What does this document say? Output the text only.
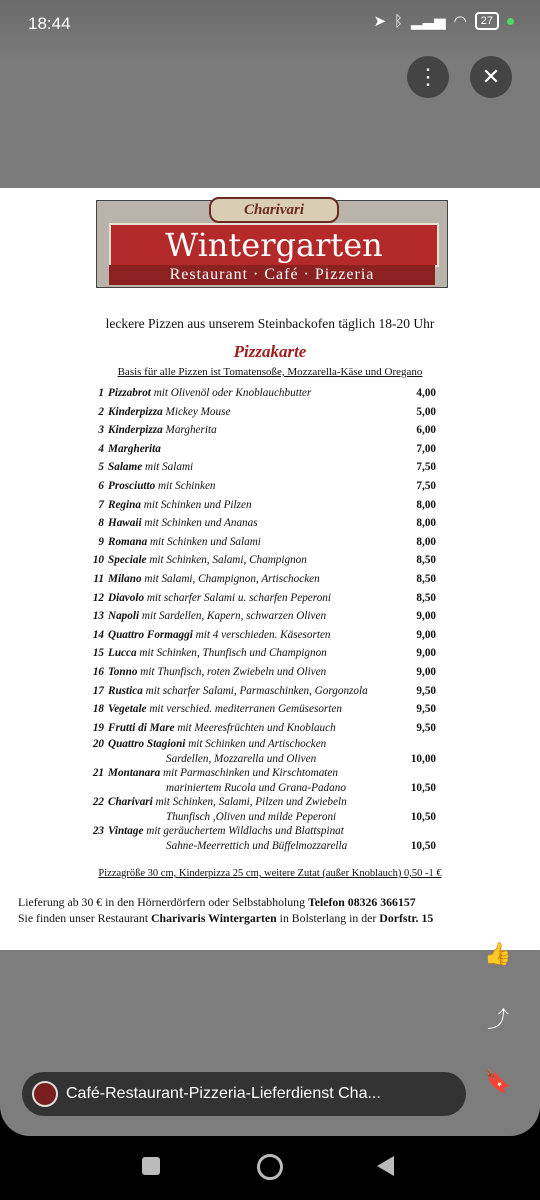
18:44	➤ ᛒ ▂▃▅ ◠	27
⋮ ✕
Charivari
Wintergarten
Restaurant · Café · Pizzeria
leckere Pizzen aus unserem Steinbackofen täglich 18-20 Uhr
Pizzakarte
Basis für alle Pizzen ist Tomatensoße, Mozzarella-Käse und Oregano
1 Pizzabrot mit Olivenöl oder Knoblauchbutter	4,00
2 Kinderpizza Mickey Mouse	5,00
3 Kinderpizza Margherita	6,00
4 Margherita	7,00
5 Salame mit Salami	7,50
6 Prosciutto mit Schinken	7,50
7 Regina mit Schinken und Pilzen	8,00
8 Hawaii mit Schinken und Ananas	8,00
9 Romana mit Schinken und Salami	8,00
10 Speciale mit Schinken, Salami, Champignon	8,50
11 Milano mit Salami, Champignon, Artischocken	8,50
12 Diavolo mit scharfer Salami u. scharfen Peperoni	8,50
13 Napoli mit Sardellen, Kapern, schwarzen Oliven	9,00
14 Quattro Formaggi mit 4 verschieden. Käsesorten	9,00
15 Lucca mit Schinken, Thunfisch und Champignon	9,00
16 Tonno mit Thunfisch, roten Zwiebeln und Oliven	9,00
17 Rustica mit scharfer Salami, Parmaschinken, Gorgonzola	9,50
18 Vegetale mit verschied. mediterranen Gemüsesorten	9,50
19 Frutti di Mare mit Meeresfrüchten und Knoblauch	9,50
20 Quattro Stagioni mit Schinken und Artischocken
Sardellen, Mozzarella und Oliven	10,00
21 Montanara mit Parmaschinken und Kirschtomaten
mariniertem Rucola und Grana-Padano	10,50
22 Charivari mit Schinken, Salami, Pilzen und Zwiebeln
Thunfisch ,Oliven und milde Peperoni	10,50
23 Vintage mit geräuchertem Wildlachs und Blattspinat
Sahne-Meerrettich und Büffelmozzarella	10,50
Pizzagröße 30 cm, Kinderpizza 25 cm, weitere Zutat (außer Knoblauch) 0,50 -1 €
Lieferung ab 30 € in den Hörnerdörfern oder Selbstabholung Telefon 08326 366157
Sie finden unser Restaurant Charivaris Wintergarten in Bolsterlang in der Dorfstr. 15
👍
⤴
🔖
Café-Restaurant-Pizzeria-Lieferdienst Cha...
